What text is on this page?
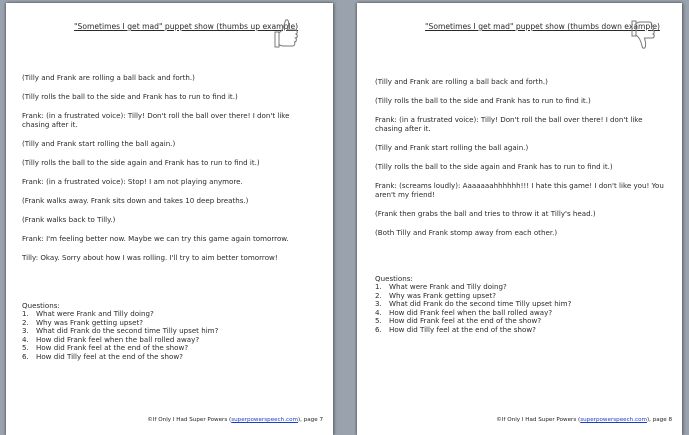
"Sometimes I get mad" puppet show (thumbs up example)

(Tilly and Frank are rolling a ball back and forth.)

(Tilly rolls the ball to the side and Frank has to run to find it.)

Frank: (in a frustrated voice): Tilly! Don't roll the ball over there! I don't like chasing after it.

(Tilly and Frank start rolling the ball again.)

(Tilly rolls the ball to the side again and Frank has to run to find it.)

Frank: (in a frustrated voice): Stop! I am not playing anymore.

(Frank walks away. Frank sits down and takes 10 deep breaths.)

(Frank walks back to Tilly.)

Frank: I'm feeling better now. Maybe we can try this game again tomorrow.

Tilly: Okay. Sorry about how I was rolling. I'll try to aim better tomorrow!

Questions:
1.	What were Frank and Tilly doing?
2.	Why was Frank getting upset?
3.	What did Frank do the second time Tilly upset him?
4.	How did Frank feel when the ball rolled away?
5.	How did Frank feel at the end of the show?
6.	How did Tilly feel at the end of the show?
©If Only I Had Super Powers (superpowerspeech.com), page 7
"Sometimes I get mad" puppet show (thumbs down example)

(Tilly and Frank are rolling a ball back and forth.)

(Tilly rolls the ball to the side and Frank has to run to find it.)

Frank: (in a frustrated voice): Tilly! Don't roll the ball over there! I don't like chasing after it.

(Tilly and Frank start rolling the ball again.)

(Tilly rolls the ball to the side again and Frank has to run to find it.)

Frank: (screams loudly): Aaaaaaahhhhhh!!! I hate this game! I don't like you! You aren't my friend!

(Frank then grabs the ball and tries to throw it at Tilly's head.)

(Both Tilly and Frank stomp away from each other.)

Questions:
1.	What were Frank and Tilly doing?
2.	Why was Frank getting upset?
3.	What did Frank do the second time Tilly upset him?
4.	How did Frank feel when the ball rolled away?
5.	How did Frank feel at the end of the show?
6.	How did Tilly feel at the end of the show?
©If Only I Had Super Powers (superpowerspeech.com), page 8
